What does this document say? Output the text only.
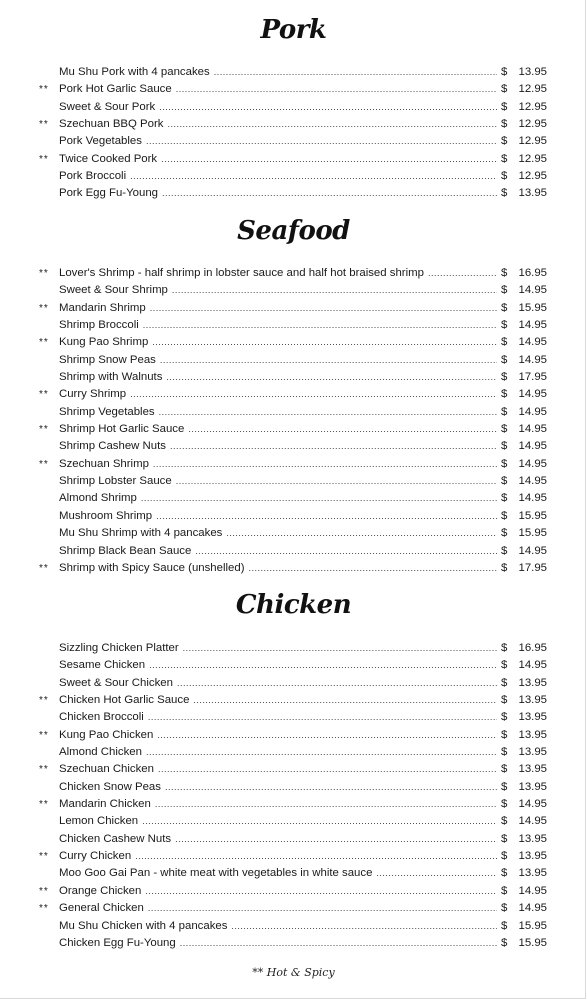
Pork
Mu Shu Pork with 4 pancakes .....	$ 13.95
** Pork Hot Garlic Sauce .....	$ 12.95
Sweet & Sour Pork .....	$ 12.95
** Szechuan BBQ Pork .....	$ 12.95
Pork Vegetables .....	$ 12.95
** Twice Cooked Pork .....	$ 12.95
Pork Broccoli .....	$ 12.95
Pork Egg Fu-Young .....	$ 13.95
Seafood
** Lover's Shrimp - half shrimp in lobster sauce and half hot braised shrimp .....	$ 16.95
Sweet & Sour Shrimp .....	$ 14.95
** Mandarin Shrimp .....	$ 15.95
Shrimp Broccoli .....	$ 14.95
** Kung Pao Shrimp .....	$ 14.95
Shrimp Snow Peas .....	$ 14.95
Shrimp with Walnuts .....	$ 17.95
** Curry Shrimp .....	$ 14.95
Shrimp Vegetables .....	$ 14.95
** Shrimp Hot Garlic Sauce .....	$ 14.95
Shrimp Cashew Nuts .....	$ 14.95
** Szechuan Shrimp .....	$ 14.95
Shrimp Lobster Sauce .....	$ 14.95
Almond Shrimp .....	$ 14.95
Mushroom Shrimp .....	$ 15.95
Mu Shu Shrimp with 4 pancakes .....	$ 15.95
Shrimp Black Bean Sauce .....	$ 14.95
** Shrimp with Spicy Sauce (unshelled) .....	$ 17.95
Chicken
Sizzling Chicken Platter .....	$ 16.95
Sesame Chicken .....	$ 14.95
Sweet & Sour Chicken .....	$ 13.95
** Chicken Hot Garlic Sauce .....	$ 13.95
Chicken Broccoli .....	$ 13.95
** Kung Pao Chicken .....	$ 13.95
Almond Chicken .....	$ 13.95
** Szechuan Chicken .....	$ 13.95
Chicken Snow Peas .....	$ 13.95
** Mandarin Chicken .....	$ 14.95
Lemon Chicken .....	$ 14.95
Chicken Cashew Nuts .....	$ 13.95
** Curry Chicken .....	$ 13.95
Moo Goo Gai Pan - white meat with vegetables in white sauce .....	$ 13.95
** Orange Chicken .....	$ 14.95
** General Chicken .....	$ 14.95
Mu Shu Chicken with 4 pancakes .....	$ 15.95
Chicken Egg Fu-Young .....	$ 15.95
** Hot & Spicy
